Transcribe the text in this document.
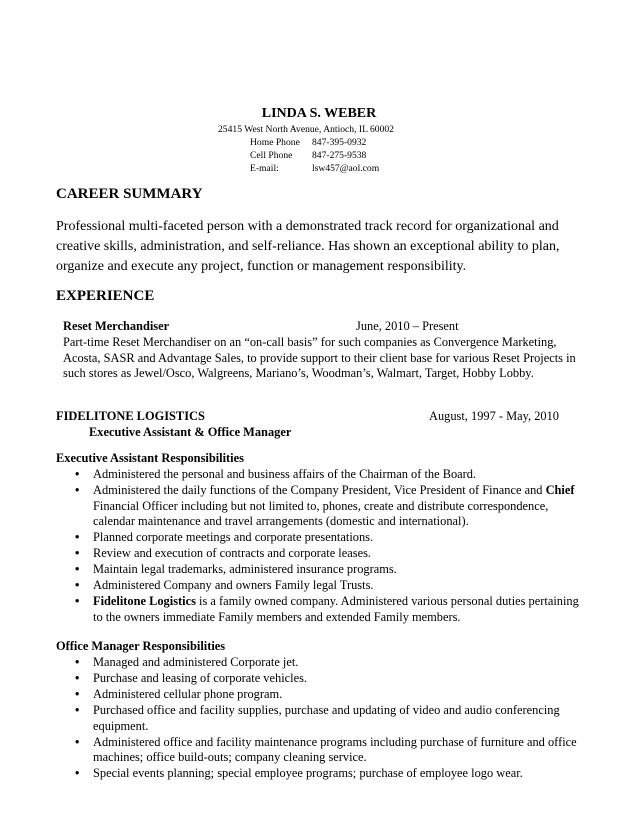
LINDA S. WEBER
25415 West North Avenue, Antioch, IL 60002
Home Phone 847-395-0932
Cell Phone 847-275-9538
E-mail:	lsw457@aol.com
CAREER SUMMARY
Professional multi-faceted person with a demonstrated track record for organizational and creative skills, administration, and self-reliance. Has shown an exceptional ability to plan, organize and execute any project, function or management responsibility.
EXPERIENCE
Reset Merchandiser	June, 2010 – Present
Part-time Reset Merchandiser on an “on-call basis” for such companies as Convergence Marketing, Acosta, SASR and Advantage Sales, to provide support to their client base for various Reset Projects in such stores as Jewel/Osco, Walgreens, Mariano’s, Woodman’s, Walmart, Target, Hobby Lobby.
FIDELITONE LOGISTICS	August, 1997 - May, 2010
Executive Assistant & Office Manager
Executive Assistant Responsibilities
• Administered the personal and business affairs of the Chairman of the Board.
• Administered the daily functions of the Company President, Vice President of Finance and Chief Financial Officer including but not limited to, phones, create and distribute correspondence, calendar maintenance and travel arrangements (domestic and international).
• Planned corporate meetings and corporate presentations.
• Review and execution of contracts and corporate leases.
• Maintain legal trademarks, administered insurance programs.
• Administered Company and owners Family legal Trusts.
• Fidelitone Logistics is a family owned company. Administered various personal duties pertaining to the owners immediate Family members and extended Family members.
Office Manager Responsibilities
• Managed and administered Corporate jet.
• Purchase and leasing of corporate vehicles.
• Administered cellular phone program.
• Purchased office and facility supplies, purchase and updating of video and audio conferencing equipment.
• Administered office and facility maintenance programs including purchase of furniture and office machines; office build-outs; company cleaning service.
• Special events planning; special employee programs; purchase of employee logo wear.
